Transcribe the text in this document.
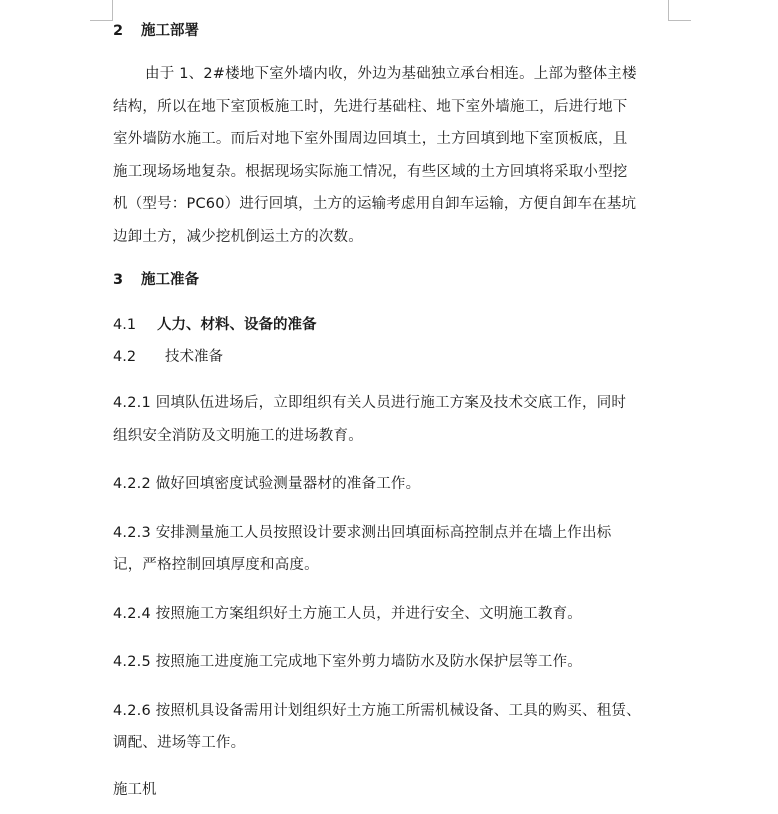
2 施工部署
由于 1、2#楼地下室外墙内收，外边为基础独立承台相连。上部为整体主楼
结构，所以在地下室顶板施工时，先进行基础柱、地下室外墙施工，后进行地下
室外墙防水施工。而后对地下室外围周边回填土，土方回填到地下室顶板底，且
施工现场场地复杂。根据现场实际施工情况，有些区域的土方回填将采取小型挖
机（型号：PC60）进行回填，土方的运输考虑用自卸车运输，方便自卸车在基坑
边卸土方，减少挖机倒运土方的次数。
3 施工准备
4.1 人力、材料、设备的准备
4.2 技术准备
4.2.1 回填队伍进场后，立即组织有关人员进行施工方案及技术交底工作，同时
组织安全消防及文明施工的进场教育。
4.2.2 做好回填密度试验测量器材的准备工作。
4.2.3 安排测量施工人员按照设计要求测出回填面标高控制点并在墙上作出标
记，严格控制回填厚度和高度。
4.2.4 按照施工方案组织好土方施工人员，并进行安全、文明施工教育。
4.2.5 按照施工进度施工完成地下室外剪力墙防水及防水保护层等工作。
4.2.6 按照机具设备需用计划组织好土方施工所需机械设备、工具的购买、租赁、
调配、进场等工作。
施工机
